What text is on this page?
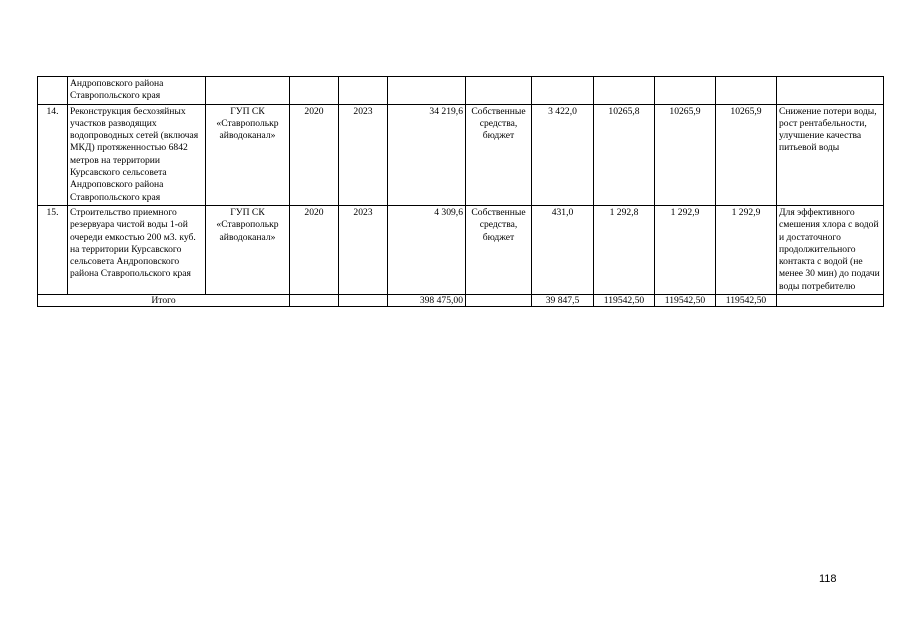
	Андроповского района Ставропольского края										
14.	Реконструкция бесхозяйных участков разводящих водопроводных сетей (включая МКД) протяженностью 6842 метров на территории Курсавского сельсовета Андроповского района Ставропольского края	ГУП СК «Ставрополькр айводоканал»	2020	2023	34 219,6	Собственные средства, бюджет	3 422,0	10265,8	10265,9	10265,9	Снижение потери воды, рост рентабельности, улучшение качества питьевой воды
15.	Строительство приемного резервуара чистой воды 1-ой очереди емкостью 200 м3. куб. на территории Курсавского сельсовета Андроповского района Ставропольского края	ГУП СК «Ставрополькр айводоканал»	2020	2023	4 309,6	Собственные средства, бюджет	431,0	1 292,8	1 292,9	1 292,9	Для эффективного смешения хлора с водой и достаточного продолжительного контакта с водой (не менее 30 мин) до подачи воды потребителю
Итого					398 475,00		39 847,5	119542,50	119542,50	119542,50	
118
